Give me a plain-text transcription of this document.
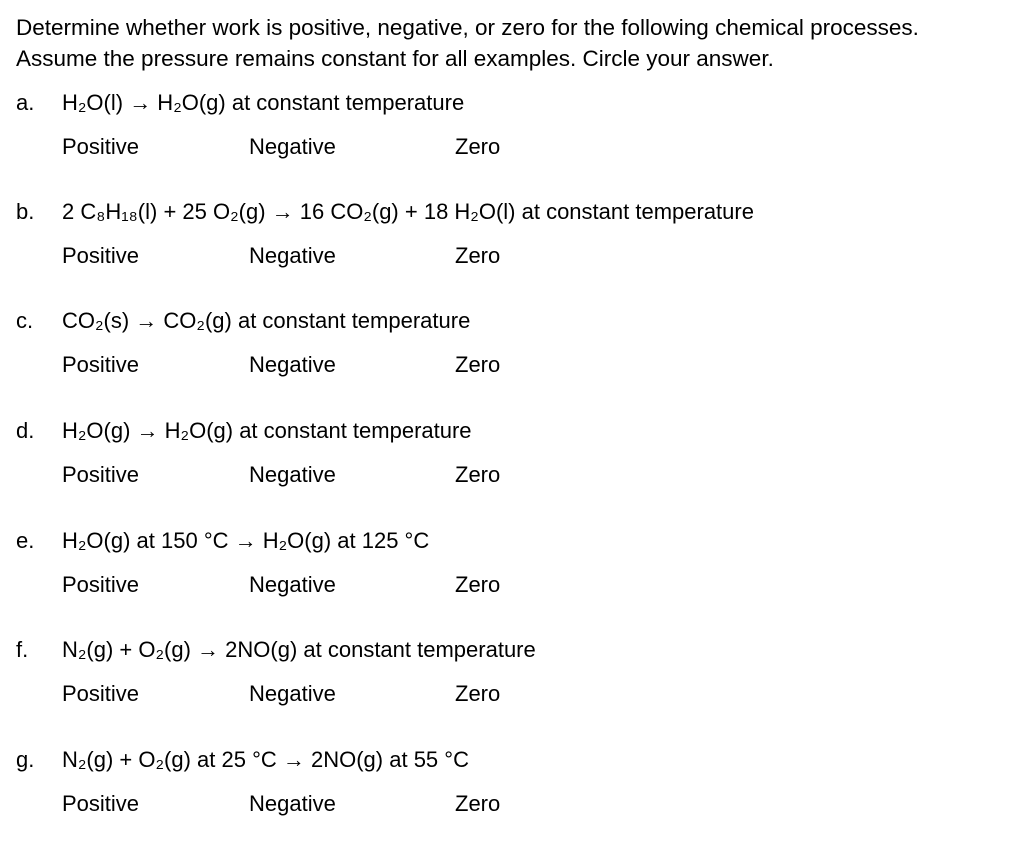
Determine whether work is positive, negative, or zero for the following chemical processes.

Assume the pressure remains constant for all examples. Circle your answer.

a. H₂O(l) → H₂O(g) at constant temperature
Positive	Negative	Zero
b. 2 C₈H₁₈(l) + 25 O₂(g) → 16 CO₂(g) + 18 H₂O(l) at constant temperature
Positive	Negative	Zero
c. CO₂(s) → CO₂(g) at constant temperature
Positive	Negative	Zero
d. H₂O(g) → H₂O(g) at constant temperature
Positive	Negative	Zero
e. H₂O(g) at 150 °C → H₂O(g) at 125 °C
Positive	Negative	Zero
f. N₂(g) + O₂(g) → 2NO(g) at constant temperature
Positive	Negative	Zero
g. N₂(g) + O₂(g) at 25 °C → 2NO(g) at 55 °C
Positive	Negative	Zero
